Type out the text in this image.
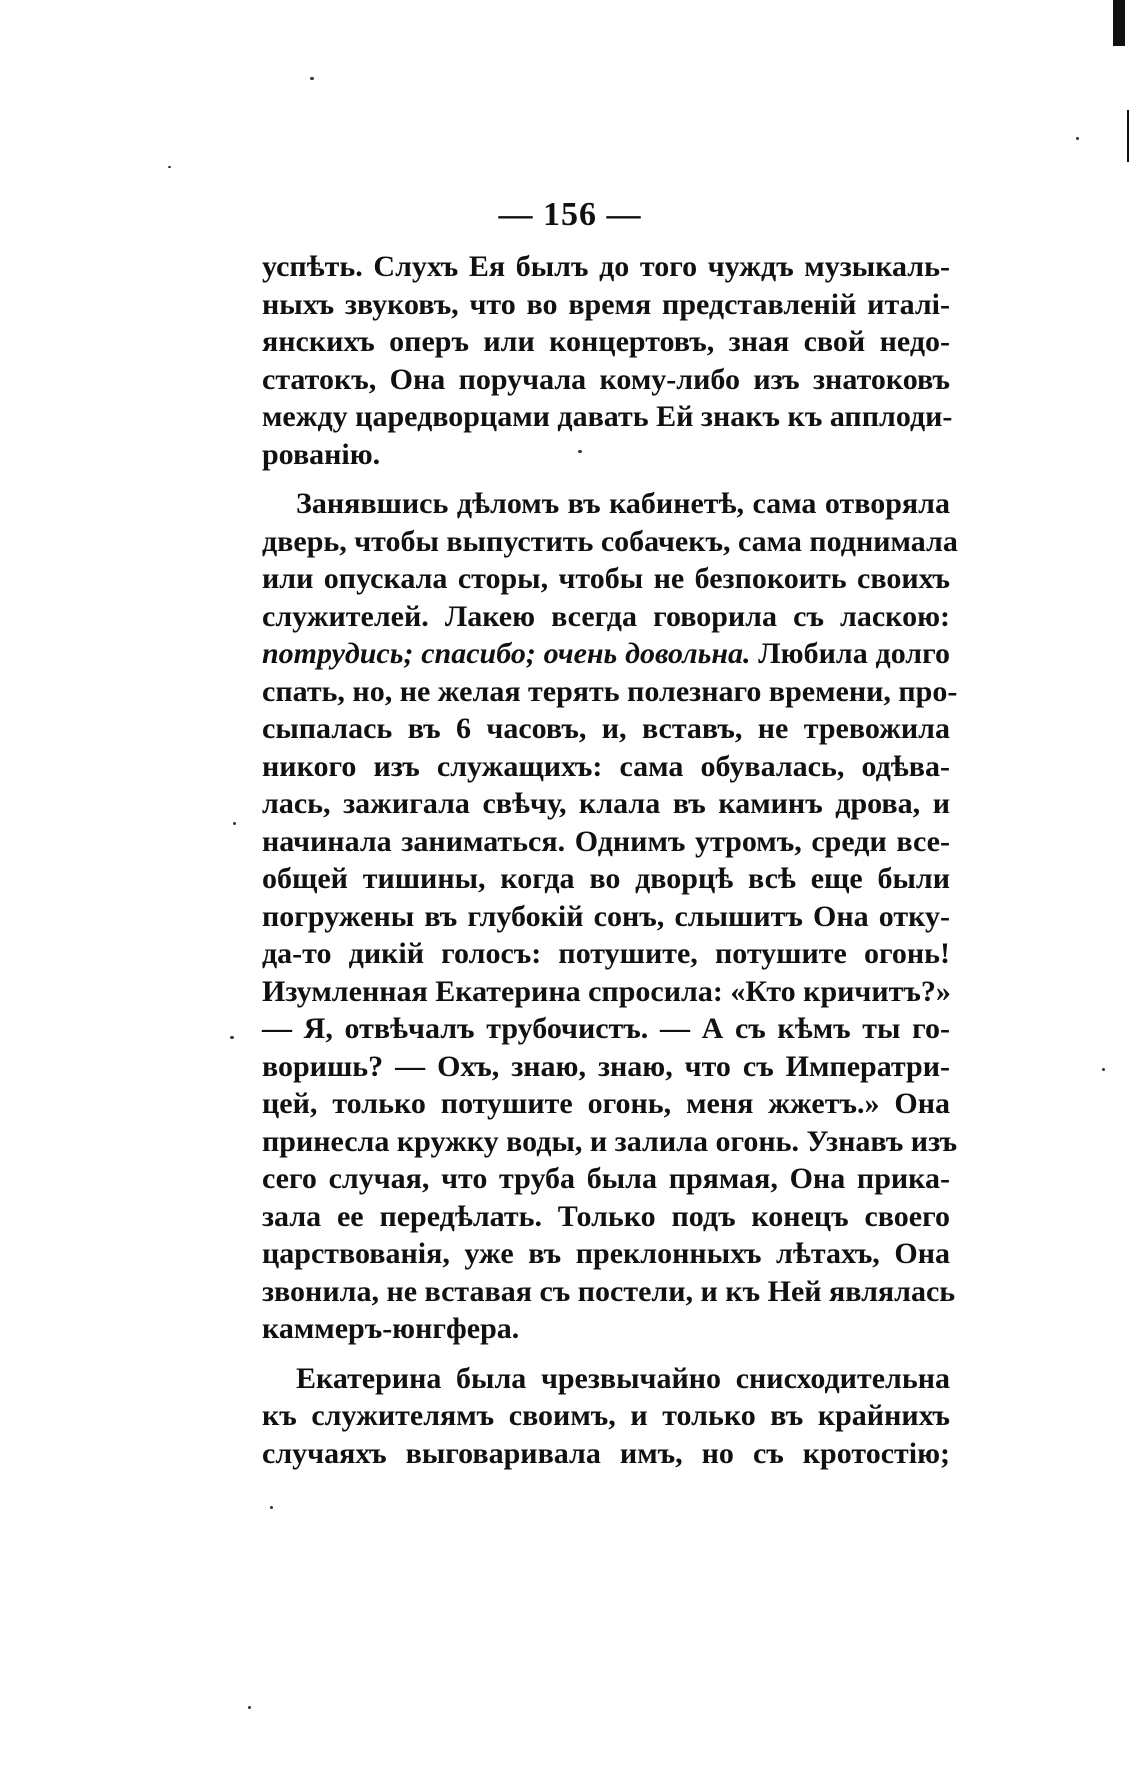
— 156 —
успѣть. Слухъ Ея былъ до того чуждъ музыкаль-
ныхъ звуковъ, что во время представленій италі-
янскихъ оперъ или концертовъ, зная свой недо-
статокъ, Она поручала кому-либо изъ знатоковъ
между царедворцами давать Ей знакъ къ апплоди-
рованію.
Занявшись дѣломъ въ кабинетѣ, сама отворяла
дверь, чтобы выпустить собачекъ, сама поднимала
или опускала сторы, чтобы не безпокоить своихъ
служителей. Лакею всегда говорила съ ласкою:
потрудись; спасибо; очень довольна. Любила долго
спать, но, не желая терять полезнаго времени, про-
сыпалась въ 6 часовъ, и, вставъ, не тревожила
никого изъ служащихъ: сама обувалась, одѣва-
лась, зажигала свѣчу, клала въ каминъ дрова, и
начинала заниматься. Однимъ утромъ, среди все-
общей тишины, когда во дворцѣ всѣ еще были
погружены въ глубокій сонъ, слышитъ Она отку-
да-то дикій голосъ: потушите, потушите огонь!
Изумленная Екатерина спросила: «Кто кричитъ?»
— Я, отвѣчалъ трубочистъ. — А съ кѣмъ ты го-
воришь? — Охъ, знаю, знаю, что съ Императри-
цей, только потушите огонь, меня жжетъ.» Она
принесла кружку воды, и залила огонь. Узнавъ изъ
сего случая, что труба была прямая, Она прика-
зала ее передѣлать. Только подъ конецъ своего
царствованія, уже въ преклонныхъ лѣтахъ, Она
звонила, не вставая съ постели, и къ Ней являлась
каммеръ-юнгфера.
Екатерина была чрезвычайно снисходительна
къ служителямъ своимъ, и только въ крайнихъ
случаяхъ выговаривала имъ, но съ кротостію;
